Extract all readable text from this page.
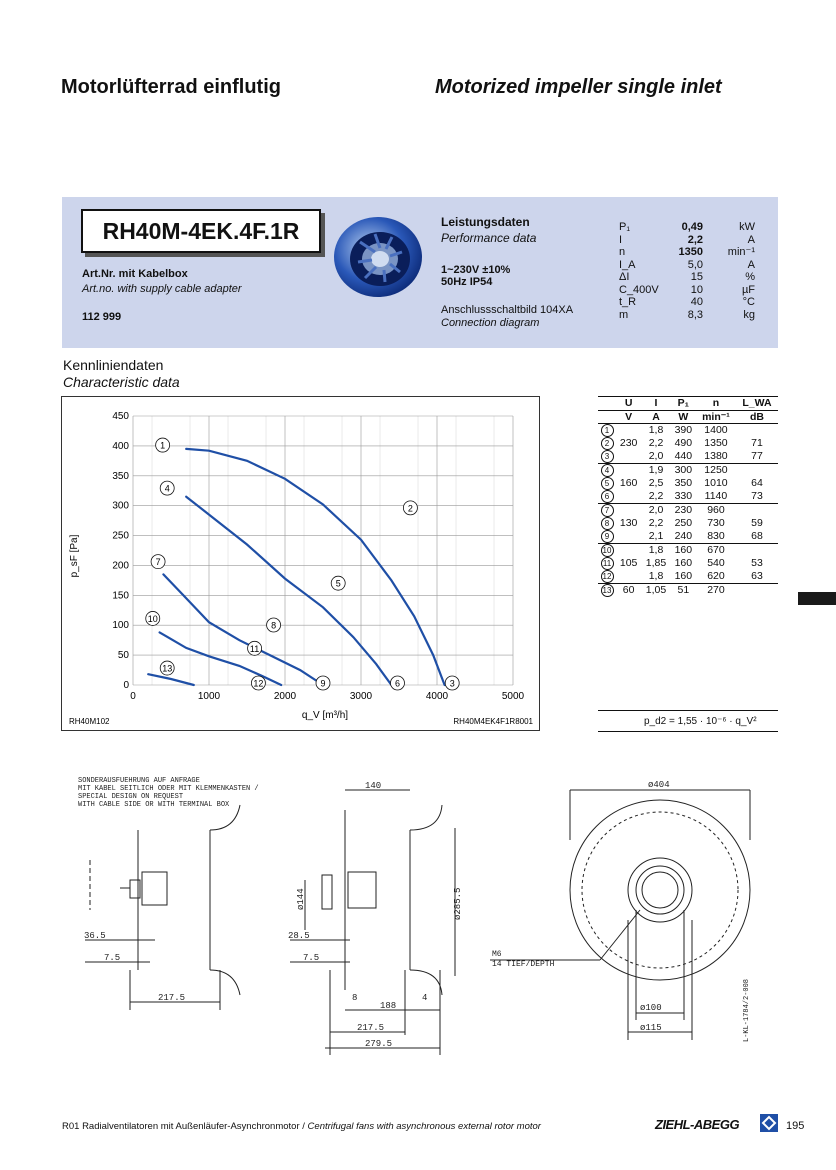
Motorlüfterrad einflutig	Motorized impeller single inlet
RH40M-4EK.4F.1R
Art.Nr. mit Kabelbox
Art.no. with supply cable adapter
112 999
Leistungsdaten
Performance data
1~230V ±10%
50Hz IP54
Anschlussschaltbild 104XA
Connection diagram
P₁	0,49	kW
I	2,2	A
n	1350	min⁻¹
I_A	5,0	A
ΔI	15	%
C_400V	10	µF
t_R	40	°C
m	8,3	kg
Kennliniendaten
Characteristic data
0	1000	2000	3000	4000	5000
0
50
100
150
200
250
300
350
400
450
1
2
3
4
5
6
7
8
9
10
11
12
13
p_sF [Pa]
q_V [m³/h]
RH40M102	RH40M4EK4F1R8001
	U	I	P₁	n	L_WA
	V	A	W	min⁻¹	dB
1		1,8	390	1400	
2	230	2,2	490	1350	71
3		2,0	440	1380	77
4		1,9	300	1250	
5	160	2,5	350	1010	64
6		2,2	330	1140	73
7		2,0	230	960	
8	130	2,2	250	730	59
9		2,1	240	830	68
10		1,8	160	670	
11	105	1,85	160	540	53
12		1,8	160	620	63
13	60	1,05	51	270	
p_d2 = 1,55 · 10⁻⁶ · q_V²
SONDERAUSFUEHRUNG AUF ANFRAGE
MIT KABEL SEITLICH ODER MIT KLEMMENKASTEN /
SPECIAL DESIGN ON REQUEST
WITH CABLE SIDE OR WITH TERMINAL BOX
36.5
7.5
217.5
140
ø144	ø285.5
28.5
7.5
188
8	4
217.5
279.5
ø404
ø100
ø115
M6
14 TIEF/DEPTH
L-KL-1784/2-008
R01 Radialventilatoren mit Außenläufer-Asynchronmotor / Centrifugal fans with asynchronous external rotor motor	ZIEHL-ABEGG	195
